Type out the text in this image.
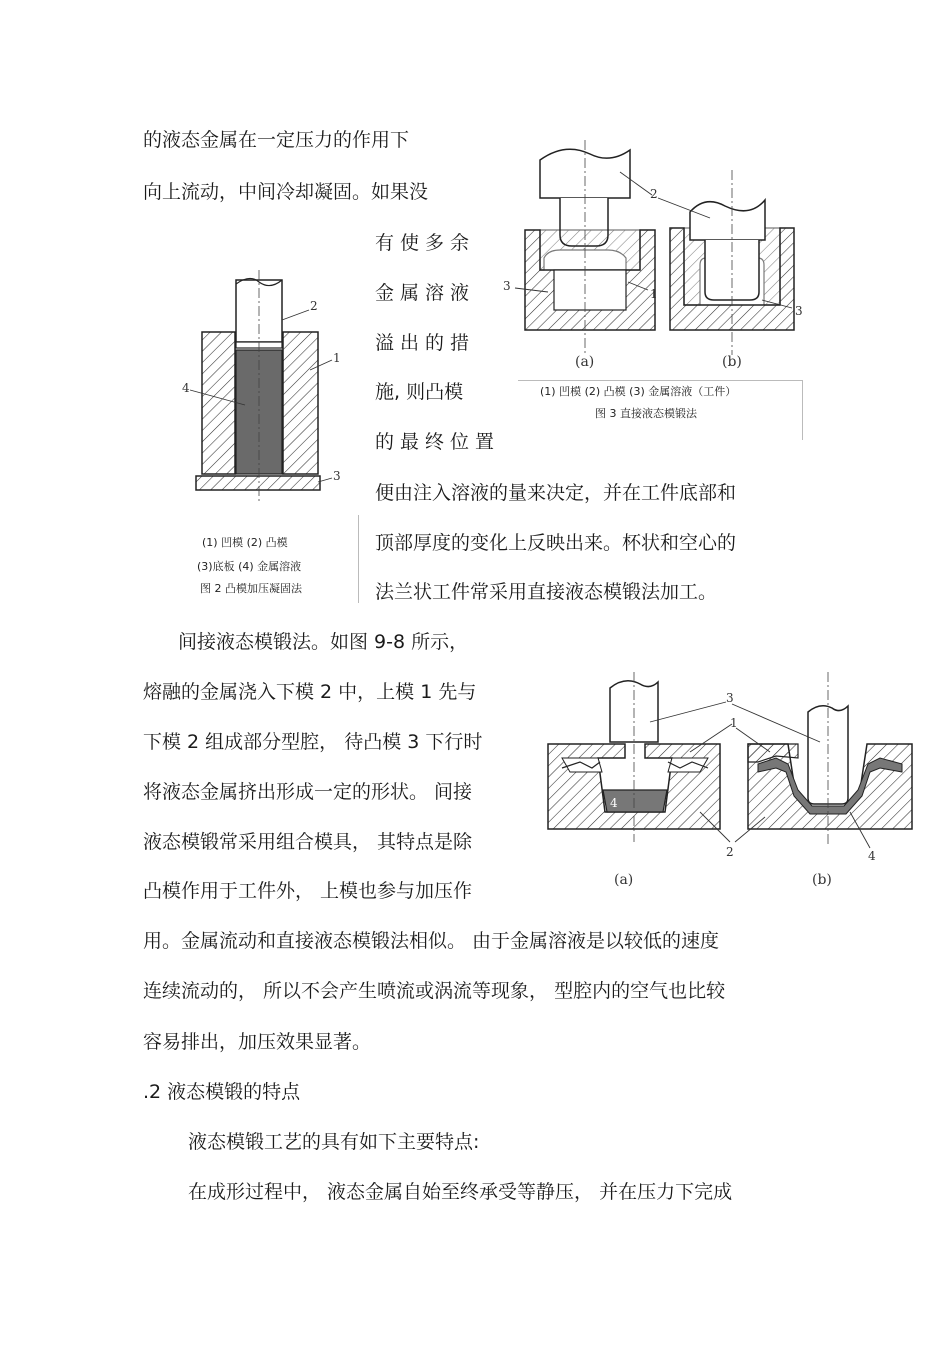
的液态金属在一定压力的作用下
向上流动，中间冷却凝固。如果没
有使多余
金属溶液
溢出的措
施, 则凸模
的最终位置
便由注入溶液的量来决定，并在工件底部和
顶部厚度的变化上反映出来。杯状和空心的
法兰状工件常采用直接液态模锻法加工。
2
1
3
4
(1) 凹模 (2) 凸模
(3)底板 (4) 金属溶液
图 2 凸模加压凝固法
2
1
3
3
(a)	(b)
(1) 凹模 (2) 凸模 (3) 金属溶液（工件）
图 3 直接液态模锻法
间接液态模锻法。如图 9-8 所示，
熔融的金属浇入下模 2 中，上模 1 先与
下模 2 组成部分型腔， 待凸模 3 下行时
将液态金属挤出形成一定的形状。 间接
液态模锻常采用组合模具， 其特点是除
凸模作用于工件外， 上模也参与加压作
用。金属流动和直接液态模锻法相似。 由于金属溶液是以较低的速度
连续流动的， 所以不会产生喷流或涡流等现象， 型腔内的空气也比较
容易排出，加压效果显著。
4
3
1
2	4
(a)	(b)
.2 液态模锻的特点
液态模锻工艺的具有如下主要特点:
在成形过程中， 液态金属自始至终承受等静压， 并在压力下完成
